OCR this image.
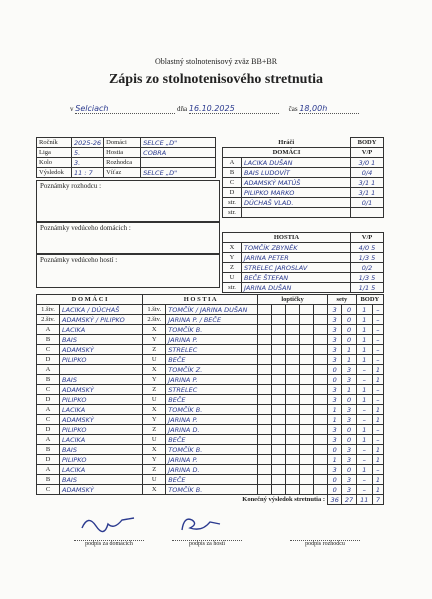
Oblastný stolnotenisový zväz BB+BR
Zápis zo stolnotenisového stretnutia
v Selciach	dňa 16.10.2025	čas 18,00h
Ročník	2025-26	Domáci	SELCE „D"
Liga	5.	Hostia	COBRA
Kolo	3.	Rozhodca	
Výsledok	11 : 7	Víťaz	SELCE „D"
Poznámky rozhodcu :
Poznámky vedúceho domácich :
Poznámky vedúceho hostí :
Hráči		BODY
DOMÁCI		V/P
A	LACIKA DUŠAN	3/0 1
B	BAIS LUDOVÍT	0/4
C	ADAMSKÝ MATÚŠ	3/1 1
D	PILIPKO MARKO	3/1 1
str.	DÚCHAŠ VLAD.	0/1
str.		
HOSTIA		V/P
X	TOMČÍK ZBYNĚK	4/0 5
Y	JARINA PETER	1/3 5
Z	STRELEC JAROSLAV	0/2
U	BEČE ŠTEFAN	1/3 5
str.	JARINA DUŠAN	1/1 5
D O M Á C I		H O S T I A		loptičky					sety		BODY	
1.štv.	LACIKA / DÚCHAŠ	1.štv.	TOMČÍK / JARINA DUŠAN						3	0	1	–
2.štv.	ADAMSKÝ / PILIPKO	2.štv.	JARINA P. / BEČE						3	0	1	–
A	LACIKA	X	TOMČÍK B.						3	0	1	–
B	BAIS	Y	JARINA P.						3	0	1	–
C	ADAMSKÝ	Z	STRELEC						3	1	1	–
D	PILIPKO	U	BEČE						3	1	1	–
A		X	TOMČÍK Z.						0	3	–	1
B	BAIS	Y	JARINA P.						0	3	–	1
C	ADAMSKÝ	Z	STRELEC						3	1	1	–
D	PILIPKO	U	BEČE						3	0	1	–
A	LACIKA	X	TOMČÍK B.						1	3	–	1
C	ADAMSKÝ	Y	JARINA P.						1	3	–	1
D	PILIPKO	Z	JARINA D.						3	0	1	–
A	LACIKA	U	BEČE						3	0	1	–
B	BAIS	X	TOMČÍK B.						0	3	–	1
D	PILIPKO	Y	JARINA P.						1	3	–	1
A	LACIKA	Z	JARINA D.						3	0	1	–
B	BAIS	U	BEČE						0	3	–	1
C	ADAMSKÝ	X	TOMČÍK B.						0	3	–	1
Konečný výsledok stretnutia :									36	27	11	7
podpis za domácich	podpis za hostí	podpis rozhodcu
